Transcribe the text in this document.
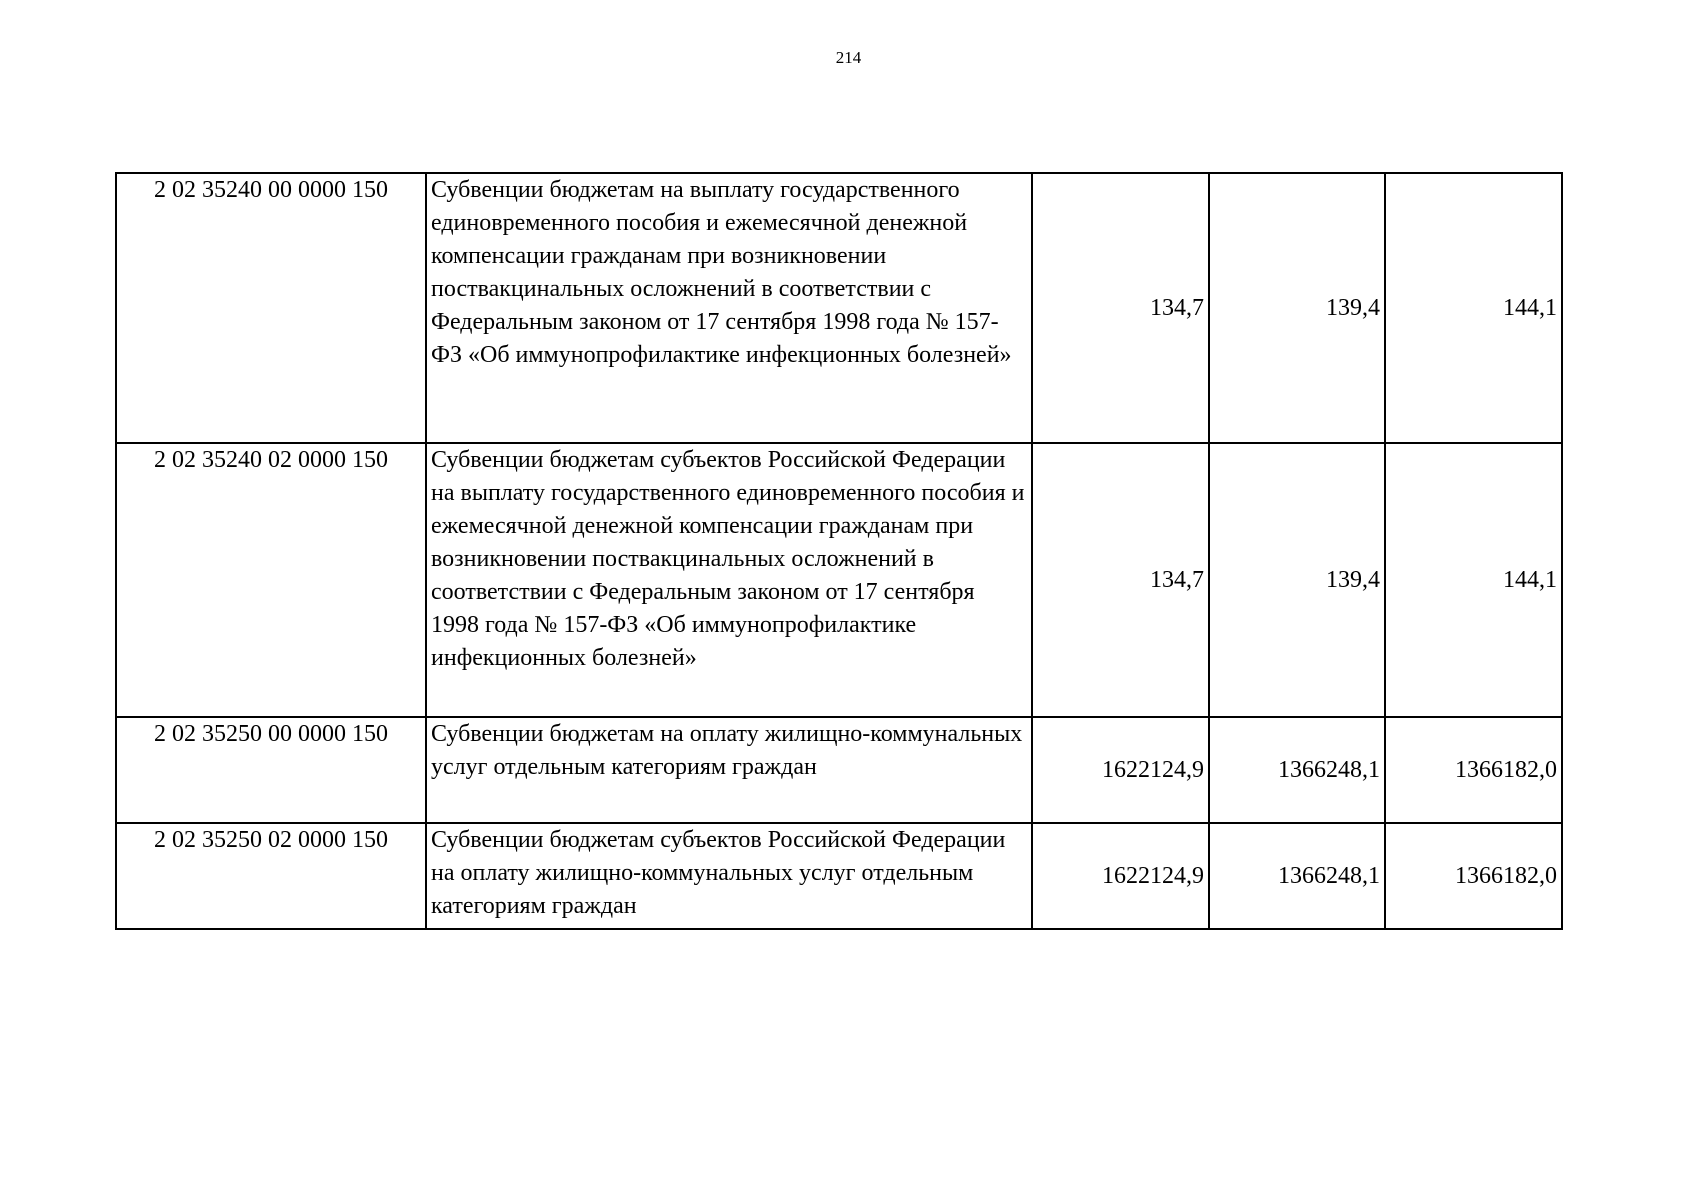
214
2 02 35240 00 0000 150	Субвенции бюджетам на выплату государственного единовременного пособия и ежемесячной денежной компенсации гражданам при возникновении поствакцинальных осложнений в соответствии с Федеральным законом от 17 сентября 1998 года № 157-ФЗ «Об иммунопрофилактике инфекционных болезней»	134,7	139,4	144,1
2 02 35240 02 0000 150	Субвенции бюджетам субъектов Российской Федерации на выплату государственного единовременного пособия и ежемесячной денежной компенсации гражданам при возникновении поствакцинальных осложнений в соответствии с Федеральным законом от 17 сентября 1998 года № 157-ФЗ «Об иммунопрофилактике инфекционных болезней»	134,7	139,4	144,1
2 02 35250 00 0000 150	Субвенции бюджетам на оплату жилищно-коммунальных услуг отдельным категориям граждан	1622124,9	1366248,1	1366182,0
2 02 35250 02 0000 150	Субвенции бюджетам субъектов Российской Федерации на оплату жилищно-коммунальных услуг отдельным категориям граждан	1622124,9	1366248,1	1366182,0
